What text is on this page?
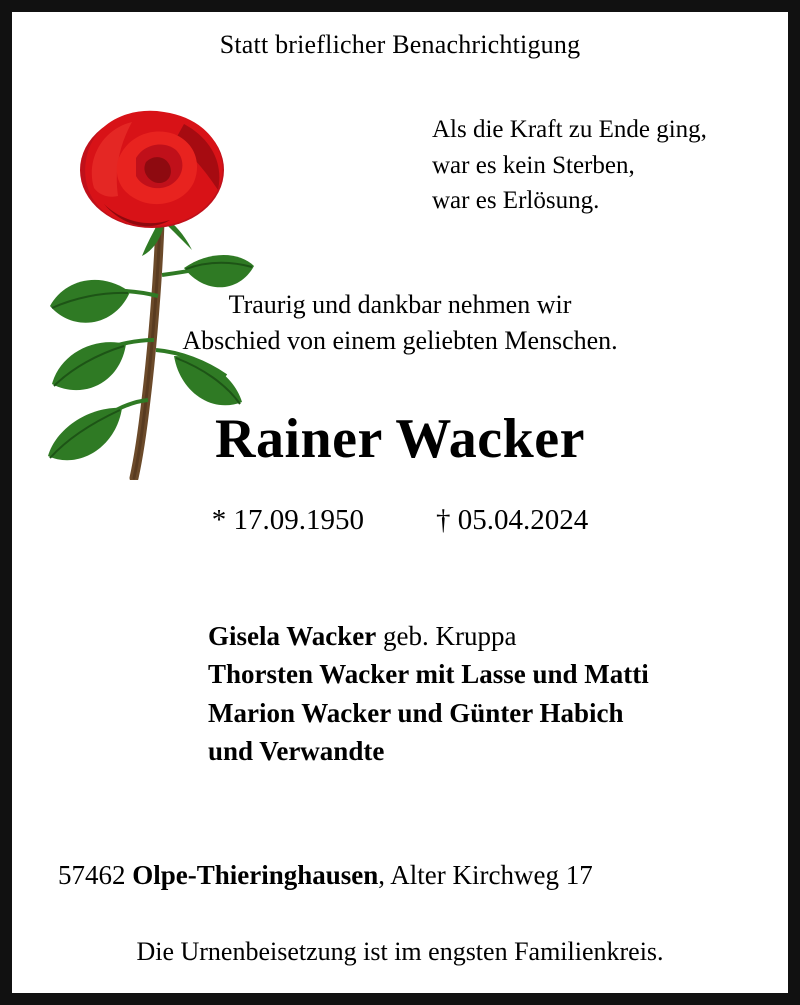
Statt brieflicher Benachrichtigung
Als die Kraft zu Ende ging,
war es kein Sterben,
war es Erlösung.
Traurig und dankbar nehmen wir
Abschied von einem geliebten Menschen.
Rainer Wacker
* 17.09.1950 † 05.04.2024
Gisela Wacker geb. Kruppa
Thorsten Wacker mit Lasse und Matti
Marion Wacker und Günter Habich
und Verwandte
57462 Olpe-Thieringhausen, Alter Kirchweg 17
Die Urnenbeisetzung ist im engsten Familienkreis.
